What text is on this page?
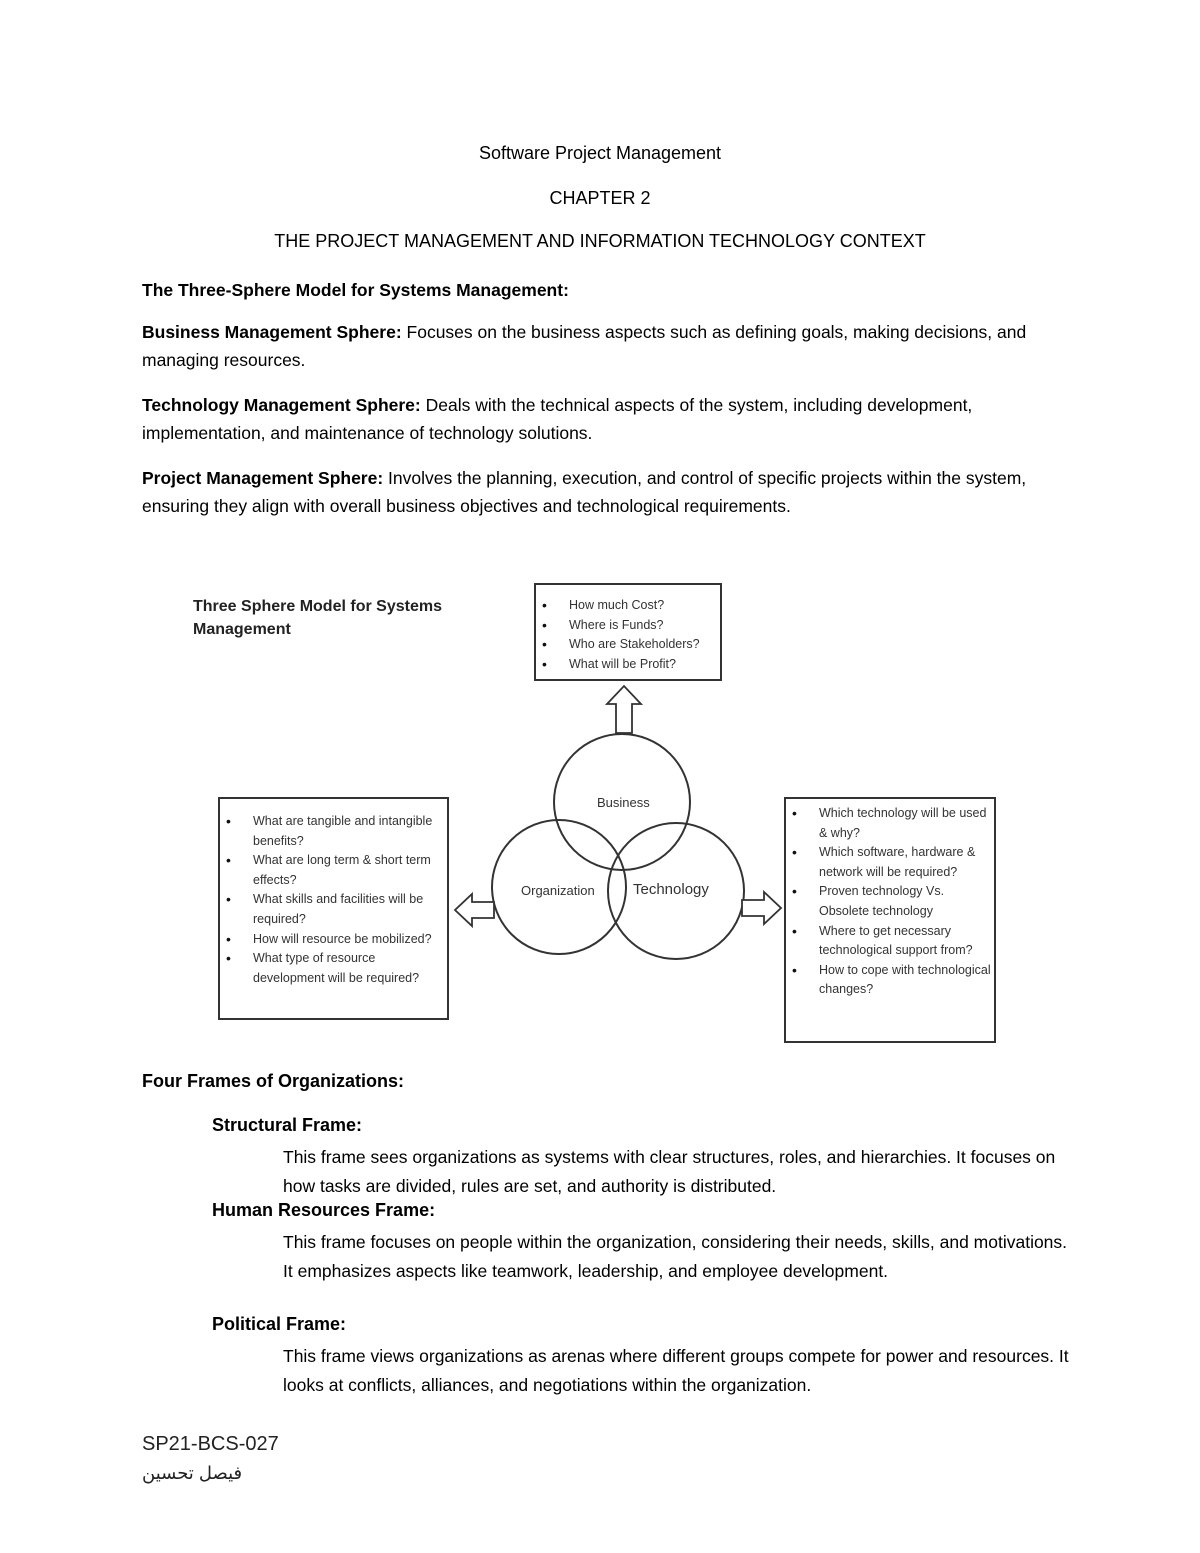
Software Project Management
CHAPTER 2
THE PROJECT MANAGEMENT AND INFORMATION TECHNOLOGY CONTEXT
The Three-Sphere Model for Systems Management:
Business Management Sphere: Focuses on the business aspects such as defining goals, making decisions, and managing resources.
Technology Management Sphere: Deals with the technical aspects of the system, including development, implementation, and maintenance of technology solutions.
Project Management Sphere: Involves the planning, execution, and control of specific projects within the system, ensuring they align with overall business objectives and technological requirements.
Three Sphere Model for Systems Management
• How much Cost?
• Where is Funds?
• Who are Stakeholders?
• What will be Profit?
• What are tangible and intangible benefits?
• What are long term & short term effects?
• What skills and facilities will be required?
• How will resource be mobilized?
• What type of resource development will be required?
• Which technology will be used & why?
• Which software, hardware & network will be required?
• Proven technology Vs. Obsolete technology
• Where to get necessary technological support from?
• How to cope with technological changes?
Business
Organization	Technology
Four Frames of Organizations:
Structural Frame:
This frame sees organizations as systems with clear structures, roles, and hierarchies. It focuses on how tasks are divided, rules are set, and authority is distributed.
Human Resources Frame:
This frame focuses on people within the organization, considering their needs, skills, and motivations. It emphasizes aspects like teamwork, leadership, and employee development.
Political Frame:
This frame views organizations as arenas where different groups compete for power and resources. It looks at conflicts, alliances, and negotiations within the organization.
SP21-BCS-027
فیصل تحسین
